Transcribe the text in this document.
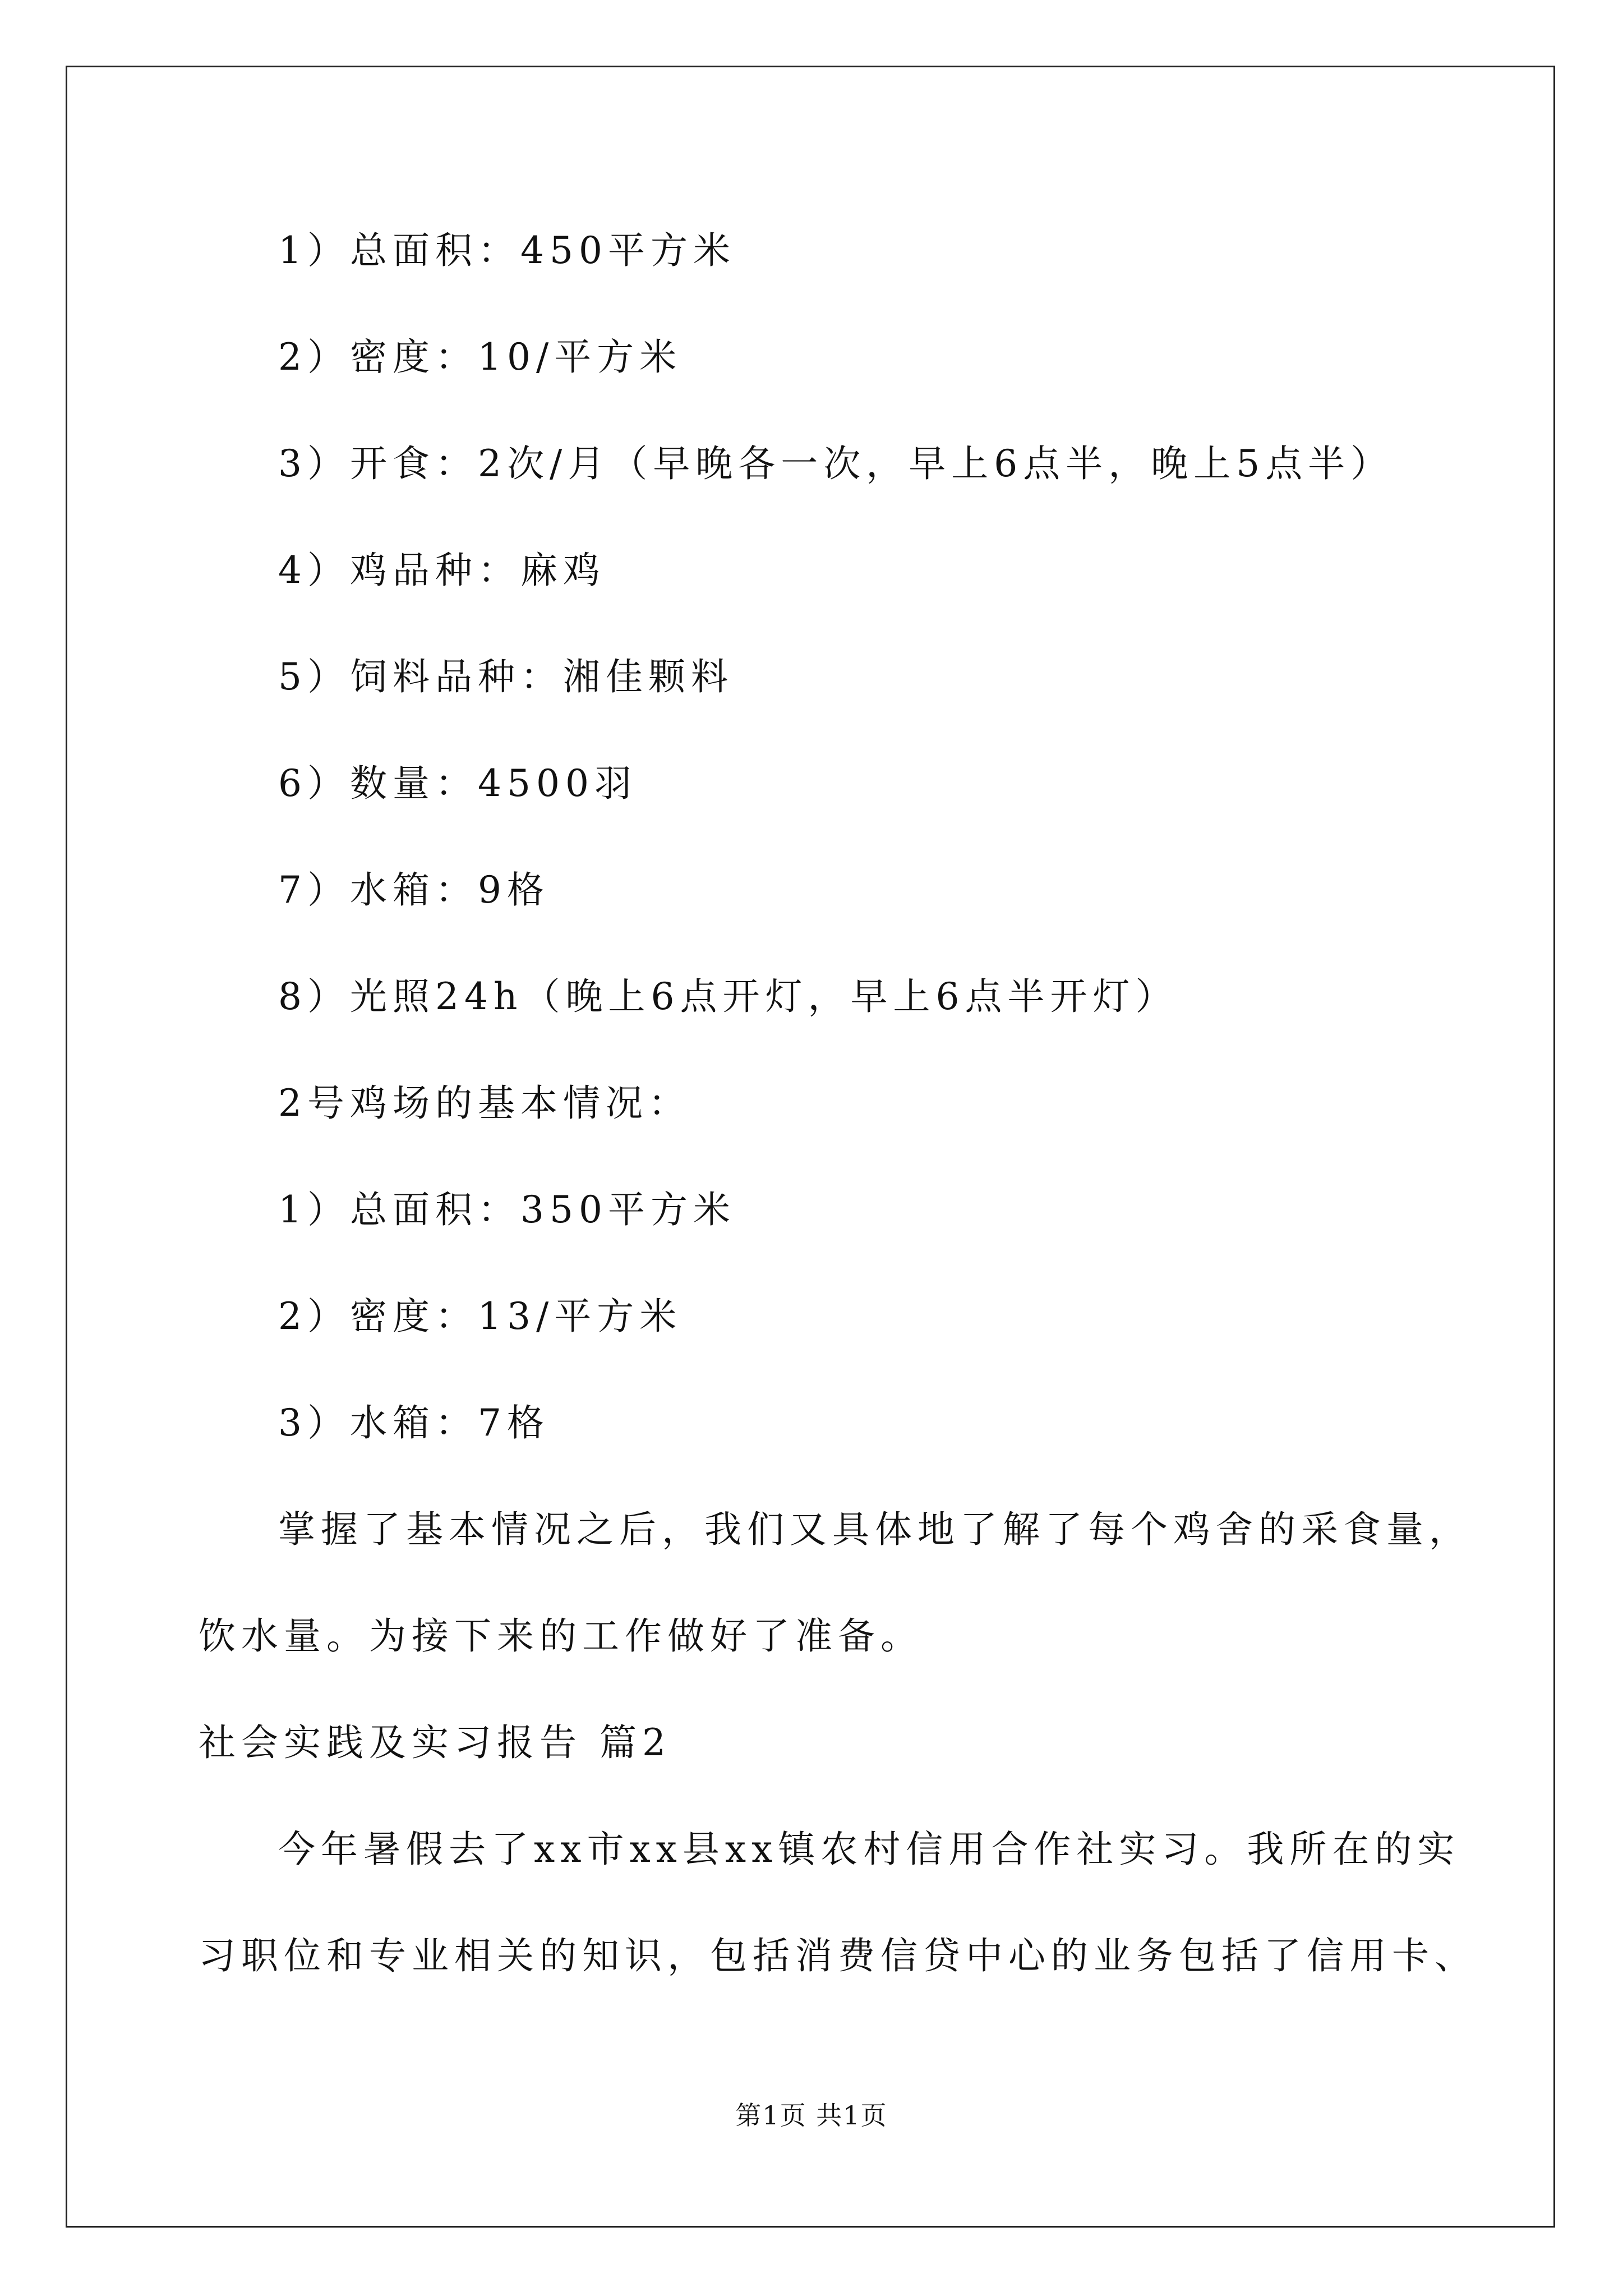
1）总面积：450平方米
2）密度：10/平方米
3）开食：2次/月（早晚各一次，早上6点半，晚上5点半）
4）鸡品种：麻鸡
5）饲料品种：湘佳颗料
6）数量：4500羽
7）水箱：9格
8）光照24h（晚上6点开灯，早上6点半开灯）
2号鸡场的基本情况：
1）总面积：350平方米
2）密度：13/平方米
3）水箱：7格
掌握了基本情况之后，我们又具体地了解了每个鸡舍的采食量，
饮水量。为接下来的工作做好了准备。
社会实践及实习报告 篇2
今年暑假去了xx市xx县xx镇农村信用合作社实习。我所在的实
习职位和专业相关的知识，包括消费信贷中心的业务包括了信用卡、
第1页 共1页
